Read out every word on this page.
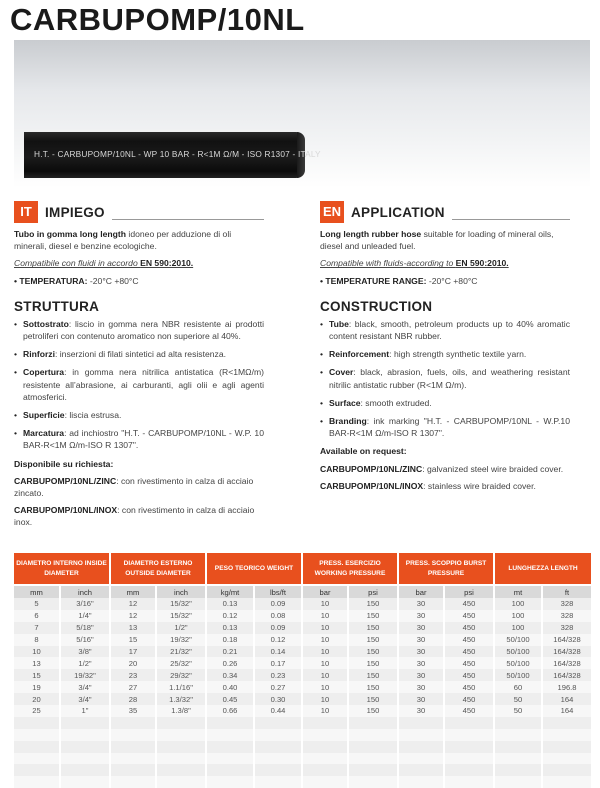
CARBUPOMP/10NL
H.T. - CARBUPOMP/10NL - WP 10 BAR - R<1M Ω/M - ISO R1307 - ITALY
IT IMPIEGO

Tubo in gomma long length idoneo per adduzione di oli minerali, diesel e benzine ecologiche.

Compatibile con fluidi in accordo EN 590:2010.

• TEMPERATURA: -20°C +80°C

STRUTTURA
• Sottostrato: liscio in gomma nera NBR resistente ai prodotti petroliferi con contenuto aromatico non superiore al 40%.
• Rinforzi: inserzioni di filati sintetici ad alta resistenza.
• Copertura: in gomma nera nitrilica antistatica (R<1MΩ/m) resistente all’abrasione, ai carburanti, agli olii e agli agenti atmosferici.
• Superficie: liscia estrusa.
• Marcatura: ad inchiostro "H.T. - CARBUPOMP/10NL - W.P. 10 BAR-R<1M Ω/m-ISO R 1307".

Disponibile su richiesta:

CARBUPOMP/10NL/ZINC: con rivestimento in calza di acciaio zincato.

CARBUPOMP/10NL/INOX: con rivestimento in calza di acciaio inox.

EN APPLICATION

Long length rubber hose suitable for loading of mineral oils, diesel and unleaded fuel.

Compatible with fluids-according to EN 590:2010.

• TEMPERATURE RANGE: -20°C +80°C

CONSTRUCTION
• Tube: black, smooth, petroleum products up to 40% aromatic content resistant NBR rubber.
• Reinforcement: high strength synthetic textile yarn.
• Cover: black, abrasion, fuels, oils, and weathering resistant nitrilic antistatic rubber (R<1M Ω/m).
• Surface: smooth extruded.
• Branding: ink marking "H.T. - CARBUPOMP/10NL - W.P.10 BAR-R<1M Ω/m-ISO R 1307".

Available on request:

CARBUPOMP/10NL/ZINC: galvanized steel wire braided cover.

CARBUPOMP/10NL/INOX: stainless wire braided cover.

DIAMETRO INTERNO INSIDE DIAMETER		DIAMETRO ESTERNO OUTSIDE DIAMETER		PESO TEORICO WEIGHT		PRESS. ESERCIZIO WORKING PRESSURE		PRESS. SCOPPIO BURST PRESSURE		LUNGHEZZA LENGTH	
mm	inch	mm	inch	kg/mt	lbs/ft	bar	psi	bar	psi	mt	ft
5	3/16"	12	15/32"	0.13	0.09	10	150	30	450	100	328
6	1/4"	12	15/32"	0.12	0.08	10	150	30	450	100	328
7	5/18"	13	1/2"	0.13	0.09	10	150	30	450	100	328
8	5/16"	15	19/32"	0.18	0.12	10	150	30	450	50/100	164/328
10	3/8"	17	21/32"	0.21	0.14	10	150	30	450	50/100	164/328
13	1/2"	20	25/32"	0.26	0.17	10	150	30	450	50/100	164/328
15	19/32"	23	29/32"	0.34	0.23	10	150	30	450	50/100	164/328
19	3/4"	27	1.1/16"	0.40	0.27	10	150	30	450	60	196.8
20	3/4"	28	1.3/32"	0.45	0.30	10	150	30	450	50	164
25	1"	35	1.3/8"	0.66	0.44	10	150	30	450	50	164
